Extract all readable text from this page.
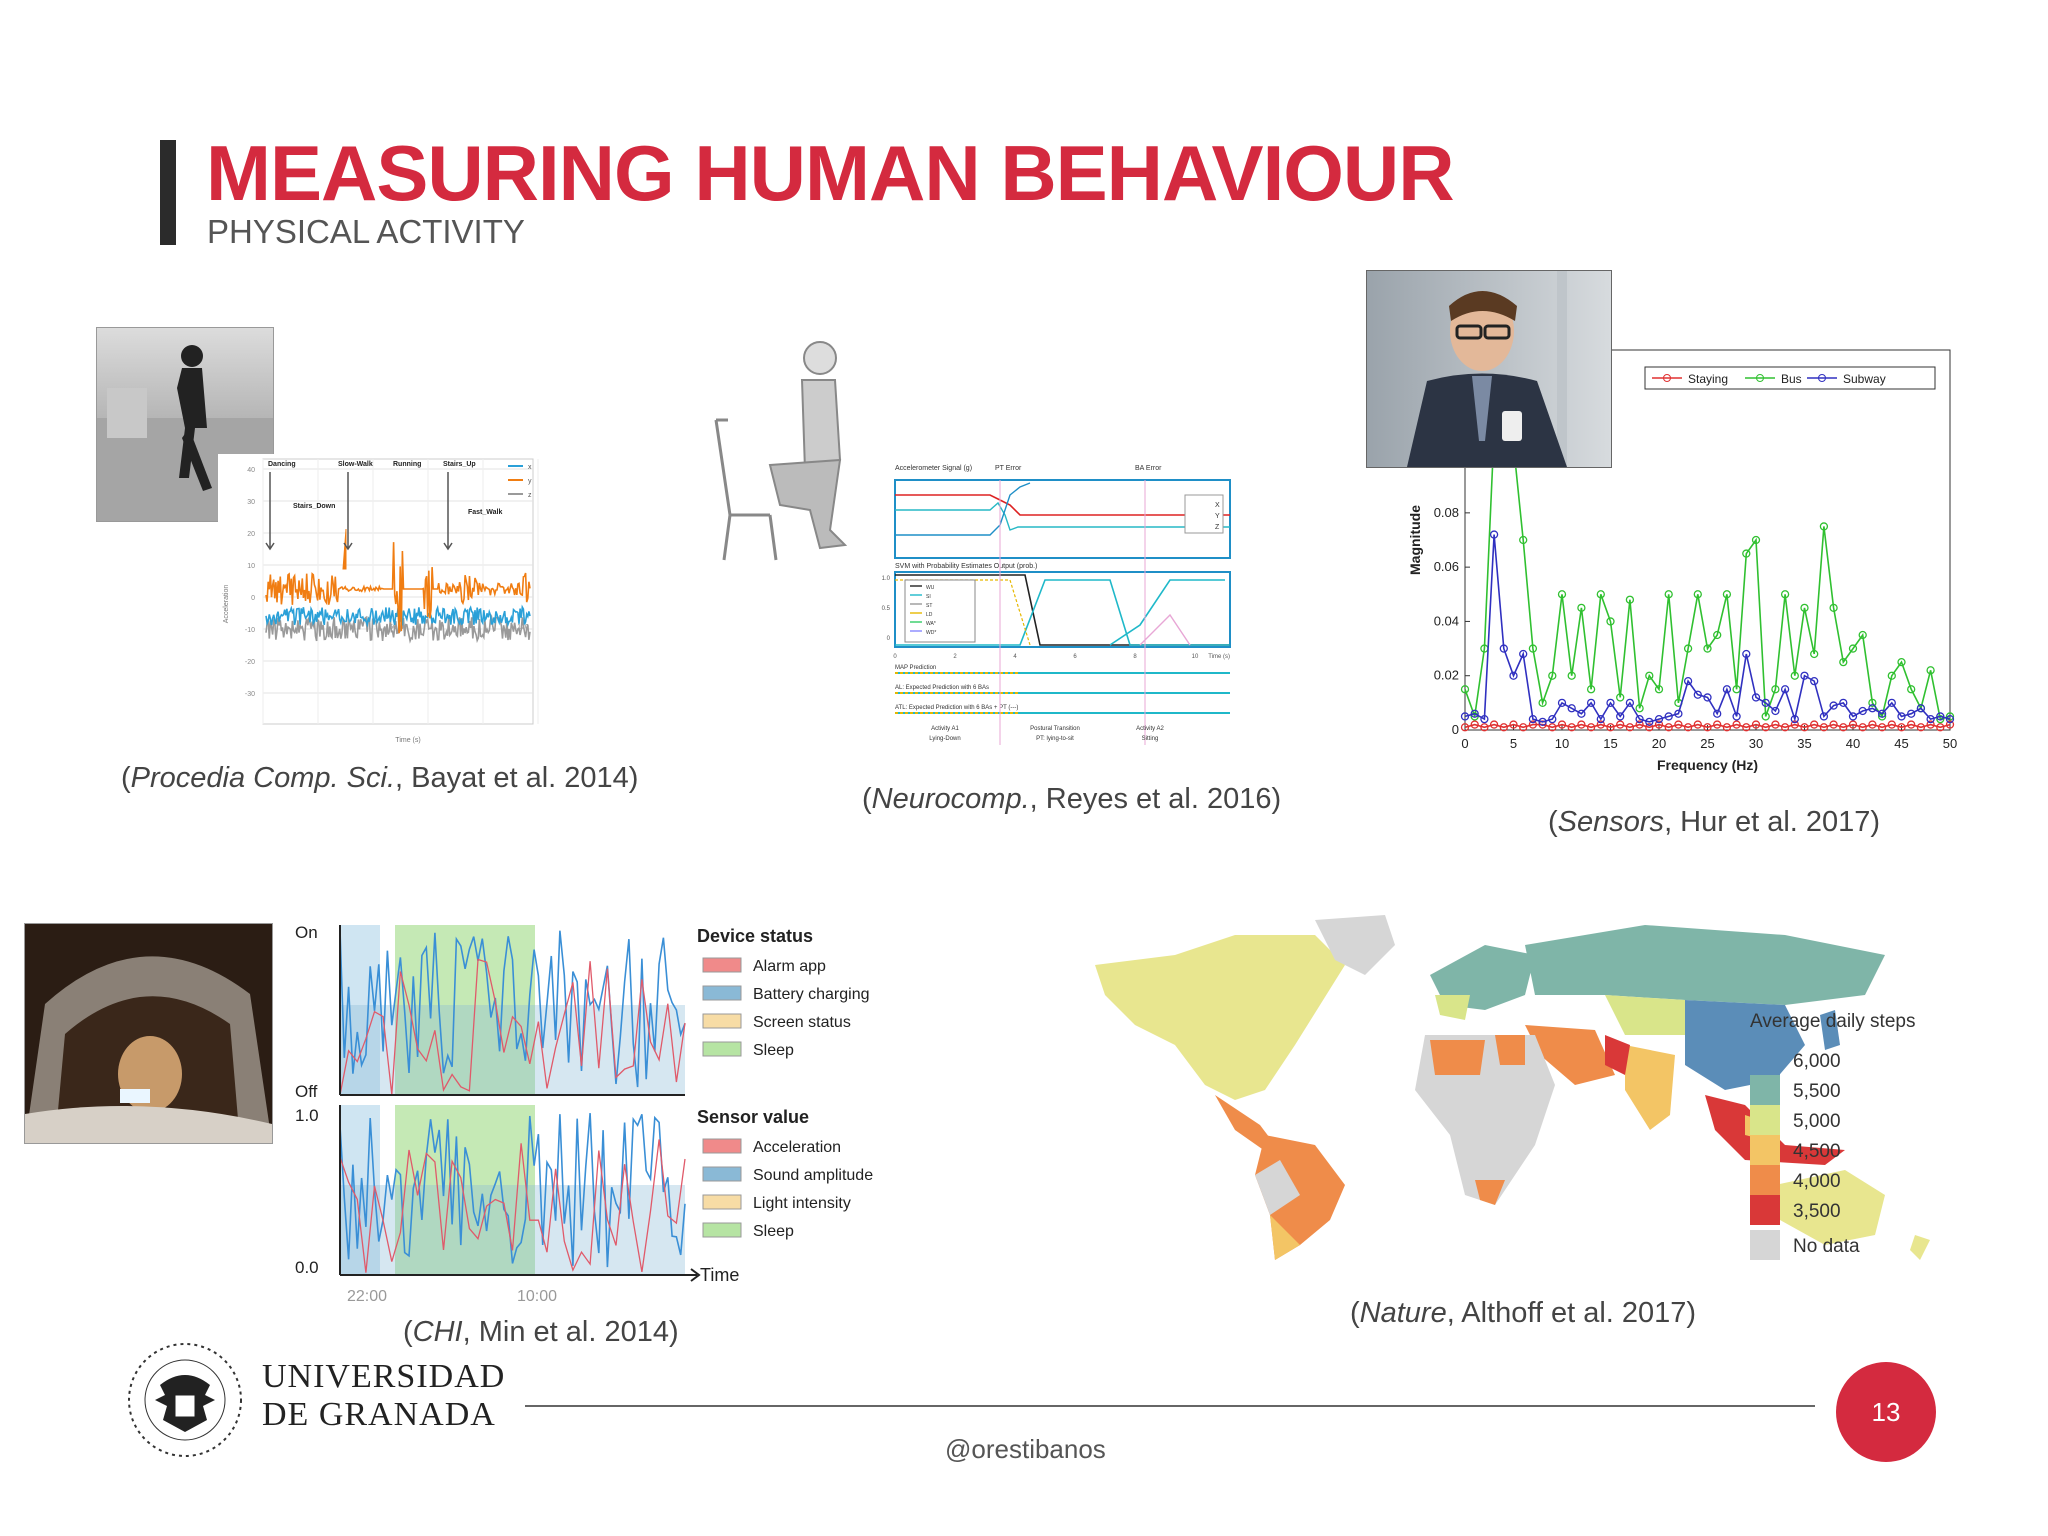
MEASURING HUMAN BEHAVIOUR
PHYSICAL ACTIVITY
40
30
20
10
0
-10
-20
-30
Acceleration
Time (s)
60	120
Dancing	Slow-Walk	Running	Stairs_Up
Stairs_Down
Fast_Walk
x
y
z
(Procedia Comp. Sci., Bayat et al. 2014)
Accelerometer Signal (g)	PT Error	BA Error
X
Y
Z
SVM with Probability Estimates Output (prob.)
1.0
0.5
0
WU
SI
ST
LD
WA*
WD*
0	2	4	6	8	10 Time (s)
MAP Prediction
AL: Expected Prediction with 6 BAs
ATL: Expected Prediction with 6 BAs + PT (---)
Activity A1
Lying-Down
Postural Transition
PT: lying-to-sit
Activity A2
Sitting
(Neurocomp., Reyes et al. 2016)
0	5	10	15	20	25	30	35	40	45	50
0
0.02
0.04
0.06
0.08
Frequency (Hz)
Magnitude
Staying	Bus	Subway
(Sensors, Hur et al. 2017)
On
Off
1.0
0.0	Time
22:00	10:00
Device status
Alarm app
Battery charging
Screen status
Sleep
Sensor value
Acceleration
Sound amplitude
Light intensity
Sleep
(CHI, Min et al. 2014)
Average daily steps
6,000
5,500
5,000
4,500
4,000
3,500
No data
(Nature, Althoff et al. 2017)
UNIVERSIDAD
DE GRANADA
@orestibanos
13
